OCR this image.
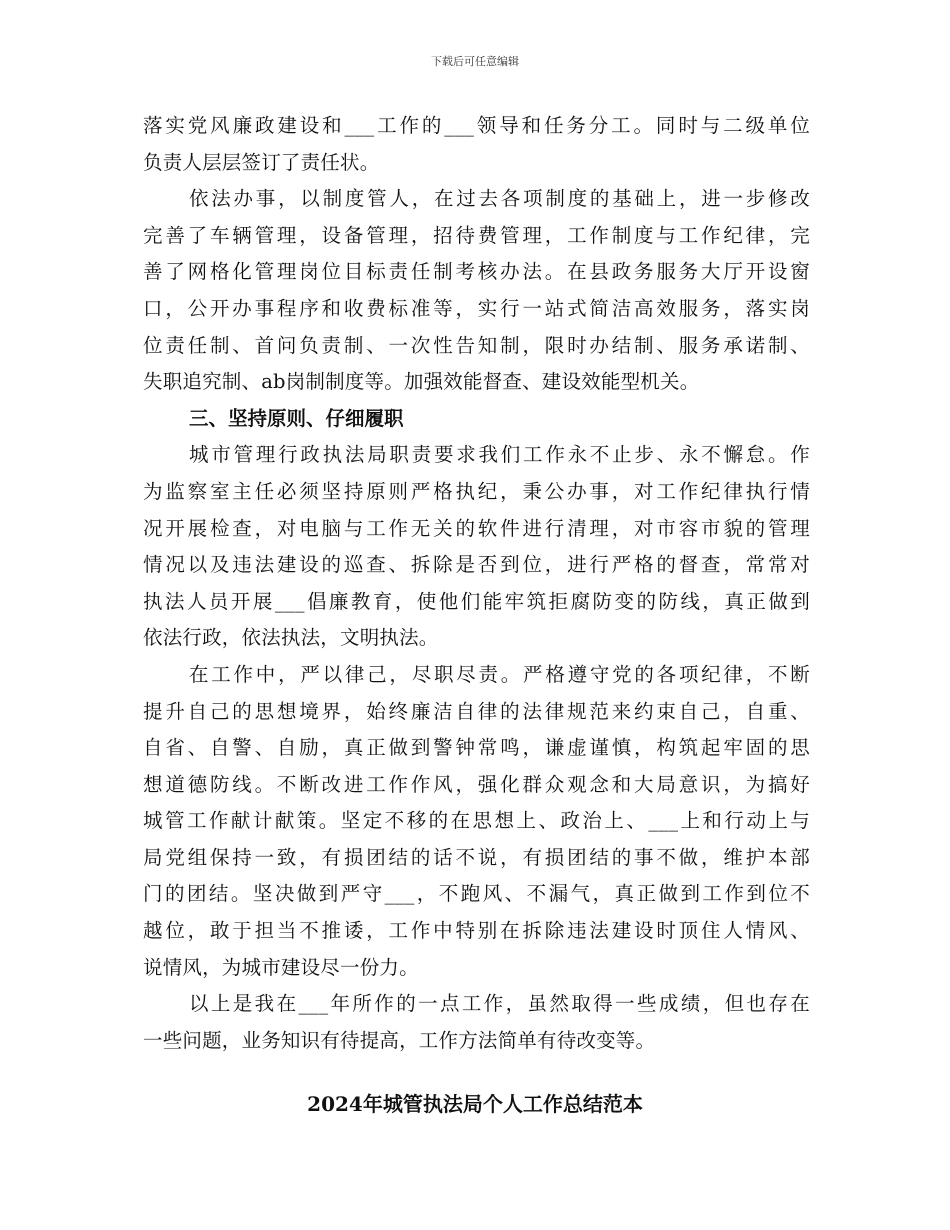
下载后可任意编辑

落实党风廉政建设和___工作的___领导和任务分工。同时与二级单位

负责人层层签订了责任状。

依法办事，以制度管人，在过去各项制度的基础上，进一步修改

完善了车辆管理，设备管理，招待费管理，工作制度与工作纪律，完

善了网格化管理岗位目标责任制考核办法。在县政务服务大厅开设窗

口，公开办事程序和收费标准等，实行一站式简洁高效服务，落实岗

位责任制、首问负责制、一次性告知制，限时办结制、服务承诺制、

失职追究制、ab岗制制度等。加强效能督查、建设效能型机关。

三、坚持原则、仔细履职

城市管理行政执法局职责要求我们工作永不止步、永不懈怠。作

为监察室主任必须坚持原则严格执纪，秉公办事，对工作纪律执行情

况开展检查，对电脑与工作无关的软件进行清理，对市容市貌的管理

情况以及违法建设的巡查、拆除是否到位，进行严格的督查，常常对

执法人员开展___倡廉教育，使他们能牢筑拒腐防变的防线，真正做到

依法行政，依法执法，文明执法。

在工作中，严以律己，尽职尽责。严格遵守党的各项纪律，不断

提升自己的思想境界，始终廉洁自律的法律规范来约束自己，自重、

自省、自警、自励，真正做到警钟常鸣，谦虚谨慎，构筑起牢固的思

想道德防线。不断改进工作作风，强化群众观念和大局意识，为搞好

城管工作献计献策。坚定不移的在思想上、政治上、___上和行动上与

局党组保持一致，有损团结的话不说，有损团结的事不做，维护本部

门的团结。坚决做到严守___，不跑风、不漏气，真正做到工作到位不

越位，敢于担当不推诿，工作中特别在拆除违法建设时顶住人情风、

说情风，为城市建设尽一份力。

以上是我在___年所作的一点工作，虽然取得一些成绩，但也存在

一些问题，业务知识有待提高，工作方法简单有待改变等。

2024年城管执法局个人工作总结范本
